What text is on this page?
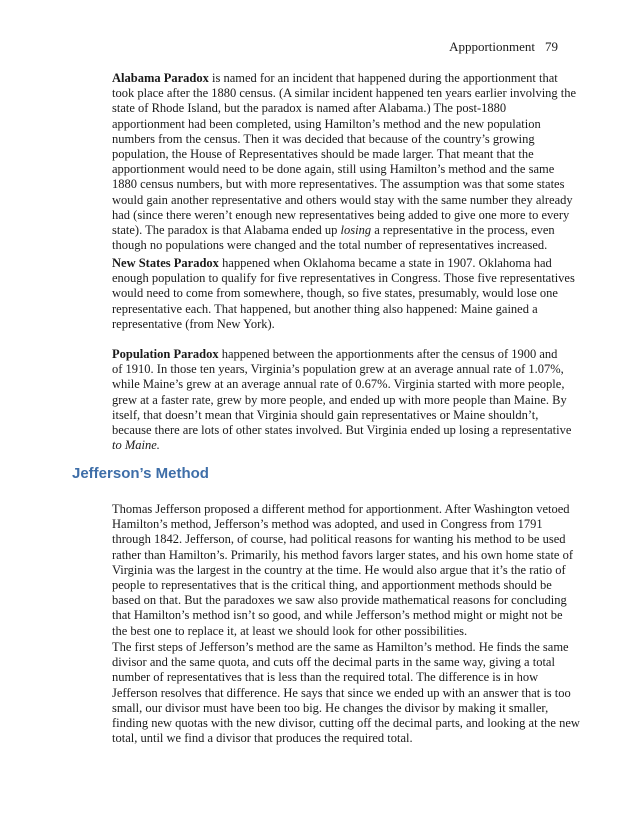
Appportionment 79
Alabama Paradox is named for an incident that happened during the apportionment that
took place after the 1880 census. (A similar incident happened ten years earlier involving the
state of Rhode Island, but the paradox is named after Alabama.) The post-1880
apportionment had been completed, using Hamilton’s method and the new population
numbers from the census. Then it was decided that because of the country’s growing
population, the House of Representatives should be made larger. That meant that the
apportionment would need to be done again, still using Hamilton’s method and the same
1880 census numbers, but with more representatives. The assumption was that some states
would gain another representative and others would stay with the same number they already
had (since there weren’t enough new representatives being added to give one more to every
state). The paradox is that Alabama ended up losing a representative in the process, even
though no populations were changed and the total number of representatives increased.
New States Paradox happened when Oklahoma became a state in 1907. Oklahoma had
enough population to qualify for five representatives in Congress. Those five representatives
would need to come from somewhere, though, so five states, presumably, would lose one
representative each. That happened, but another thing also happened: Maine gained a
representative (from New York).
Population Paradox happened between the apportionments after the census of 1900 and
of 1910. In those ten years, Virginia’s population grew at an average annual rate of 1.07%,
while Maine’s grew at an average annual rate of 0.67%. Virginia started with more people,
grew at a faster rate, grew by more people, and ended up with more people than Maine. By
itself, that doesn’t mean that Virginia should gain representatives or Maine shouldn’t,
because there are lots of other states involved. But Virginia ended up losing a representative
to Maine.
Jefferson’s Method
Thomas Jefferson proposed a different method for apportionment. After Washington vetoed
Hamilton’s method, Jefferson’s method was adopted, and used in Congress from 1791
through 1842. Jefferson, of course, had political reasons for wanting his method to be used
rather than Hamilton’s. Primarily, his method favors larger states, and his own home state of
Virginia was the largest in the country at the time. He would also argue that it’s the ratio of
people to representatives that is the critical thing, and apportionment methods should be
based on that. But the paradoxes we saw also provide mathematical reasons for concluding
that Hamilton’s method isn’t so good, and while Jefferson’s method might or might not be
the best one to replace it, at least we should look for other possibilities.
The first steps of Jefferson’s method are the same as Hamilton’s method. He finds the same
divisor and the same quota, and cuts off the decimal parts in the same way, giving a total
number of representatives that is less than the required total. The difference is in how
Jefferson resolves that difference. He says that since we ended up with an answer that is too
small, our divisor must have been too big. He changes the divisor by making it smaller,
finding new quotas with the new divisor, cutting off the decimal parts, and looking at the new
total, until we find a divisor that produces the required total.
